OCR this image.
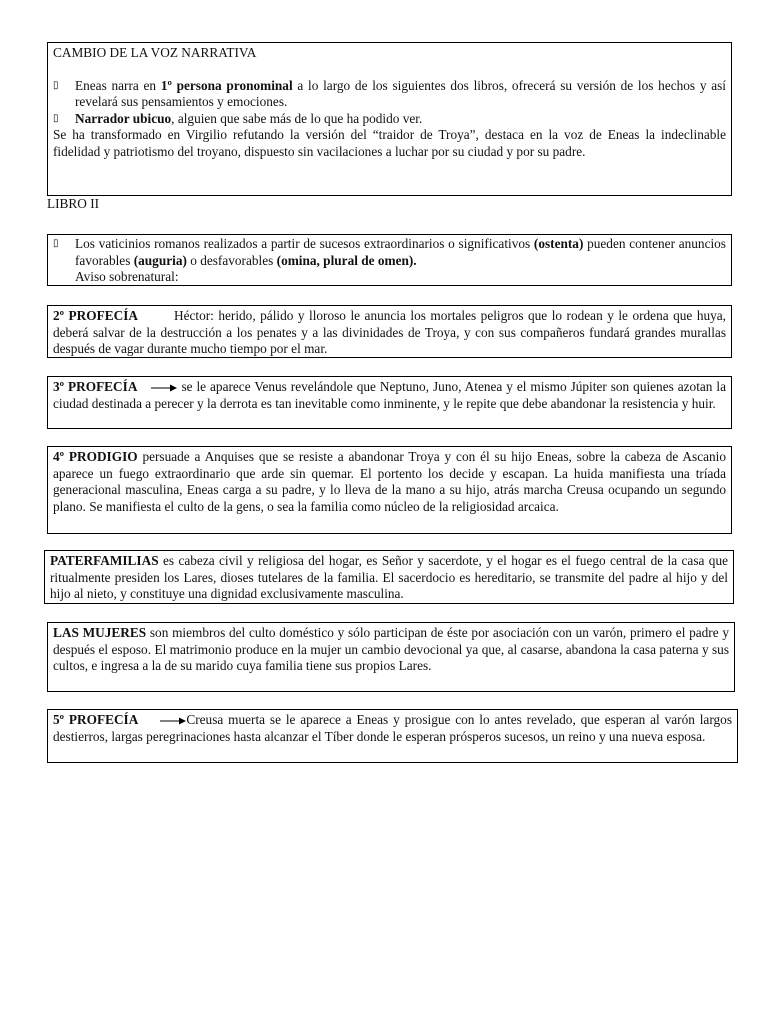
CAMBIO DE LA VOZ NARRATIVA
▯	Eneas narra en 1º persona pronominal a lo largo de los siguientes dos libros, ofrecerá su versión de los hechos y así revelará sus pensamientos y emociones.
▯	Narrador ubicuo, alguien que sabe más de lo que ha podido ver.
Se ha transformado en Virgilio refutando la versión del “traidor de Troya”, destaca en la voz de Eneas la indeclinable fidelidad y patriotismo del troyano, dispuesto sin vacilaciones a luchar por su ciudad y por su padre.
LIBRO II
▯	Los vaticinios romanos realizados a partir de sucesos extraordinarios o significativos (ostenta) pueden contener anuncios favorables (auguria) o desfavorables (omina, plural de omen).
Aviso sobrenatural:
2º PROFECÍA	Héctor: herido, pálido y lloroso le anuncia los mortales peligros que lo rodean y le ordena que huya, deberá salvar de la destrucción a los penates y a las divinidades de Troya, y con sus compañeros fundará grandes murallas después de vagar durante mucho tiempo por el mar.
3º PROFECÍA	se le aparece Venus revelándole que Neptuno, Juno, Atenea y el mismo Júpiter son quienes azotan la ciudad destinada a perecer y la derrota es tan inevitable como inminente, y le repite que debe abandonar la resistencia y huir.
4º PRODIGIO persuade a Anquises que se resiste a abandonar Troya y con él su hijo Eneas, sobre la cabeza de Ascanio aparece un fuego extraordinario que arde sin quemar. El portento los decide y escapan. La huida manifiesta una tríada generacional masculina, Eneas carga a su padre, y lo lleva de la mano a su hijo, atrás marcha Creusa ocupando un segundo plano. Se manifiesta el culto de la gens, o sea la familia como núcleo de la religiosidad arcaica.
PATERFAMILIAS es cabeza civil y religiosa del hogar, es Señor y sacerdote, y el hogar es el fuego central de la casa que ritualmente presiden los Lares, dioses tutelares de la familia. El sacerdocio es hereditario, se transmite del padre al hijo y del hijo al nieto, y constituye una dignidad exclusivamente masculina.
LAS MUJERES son miembros del culto doméstico y sólo participan de éste por asociación con un varón, primero el padre y después el esposo. El matrimonio produce en la mujer un cambio devocional ya que, al casarse, abandona la casa paterna y sus cultos, e ingresa a la de su marido cuya familia tiene sus propios Lares.
5º PROFECÍA	Creusa muerta se le aparece a Eneas y prosigue con lo antes revelado, que esperan al varón largos destierros, largas peregrinaciones hasta alcanzar el Tíber donde le esperan prósperos sucesos, un reino y una nueva esposa.
